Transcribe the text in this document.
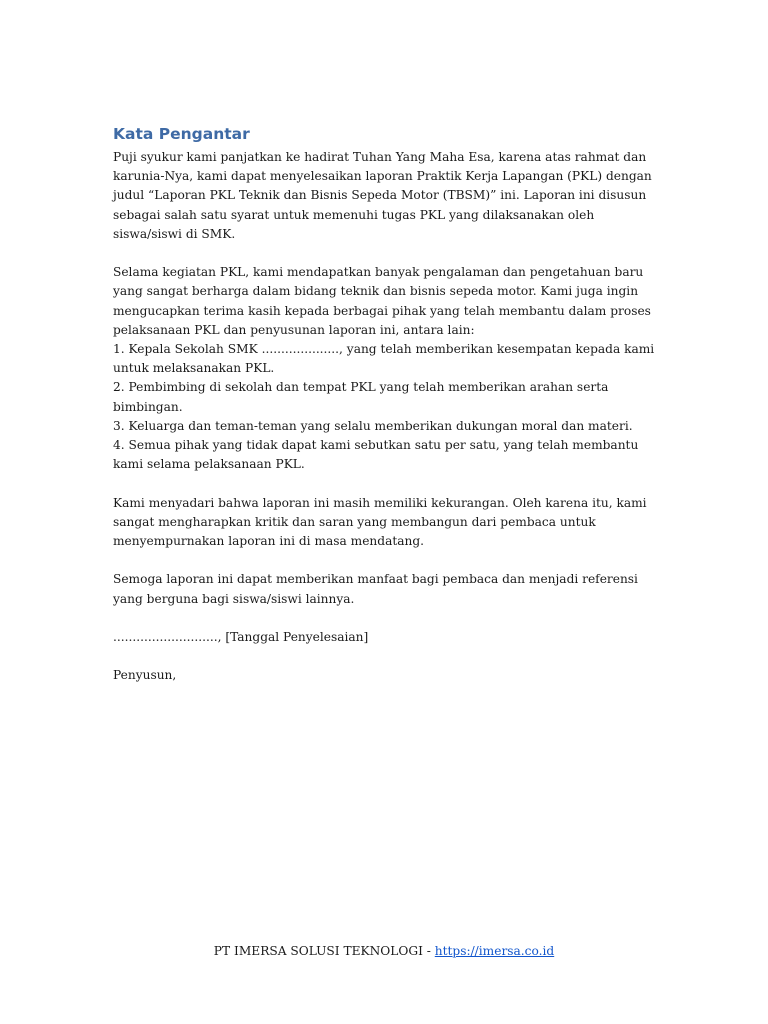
Kata Pengantar
Puji syukur kami panjatkan ke hadirat Tuhan Yang Maha Esa, karena atas rahmat dan karunia-Nya, kami dapat menyelesaikan laporan Praktik Kerja Lapangan (PKL) dengan judul “Laporan PKL Teknik dan Bisnis Sepeda Motor (TBSM)” ini. Laporan ini disusun sebagai salah satu syarat untuk memenuhi tugas PKL yang dilaksanakan oleh siswa/siswi di SMK.
Selama kegiatan PKL, kami mendapatkan banyak pengalaman dan pengetahuan baru yang sangat berharga dalam bidang teknik dan bisnis sepeda motor. Kami juga ingin mengucapkan terima kasih kepada berbagai pihak yang telah membantu dalam proses pelaksanaan PKL dan penyusunan laporan ini, antara lain:
1. Kepala Sekolah SMK ...................., yang telah memberikan kesempatan kepada kami untuk melaksanakan PKL.
2. Pembimbing di sekolah dan tempat PKL yang telah memberikan arahan serta bimbingan.
3. Keluarga dan teman-teman yang selalu memberikan dukungan moral dan materi.
4. Semua pihak yang tidak dapat kami sebutkan satu per satu, yang telah membantu kami selama pelaksanaan PKL.
Kami menyadari bahwa laporan ini masih memiliki kekurangan. Oleh karena itu, kami sangat mengharapkan kritik dan saran yang membangun dari pembaca untuk menyempurnakan laporan ini di masa mendatang.
Semoga laporan ini dapat memberikan manfaat bagi pembaca dan menjadi referensi yang berguna bagi siswa/siswi lainnya.
..........................., [Tanggal Penyelesaian]
Penyusun,
PT IMERSA SOLUSI TEKNOLOGI - https://imersa.co.id
